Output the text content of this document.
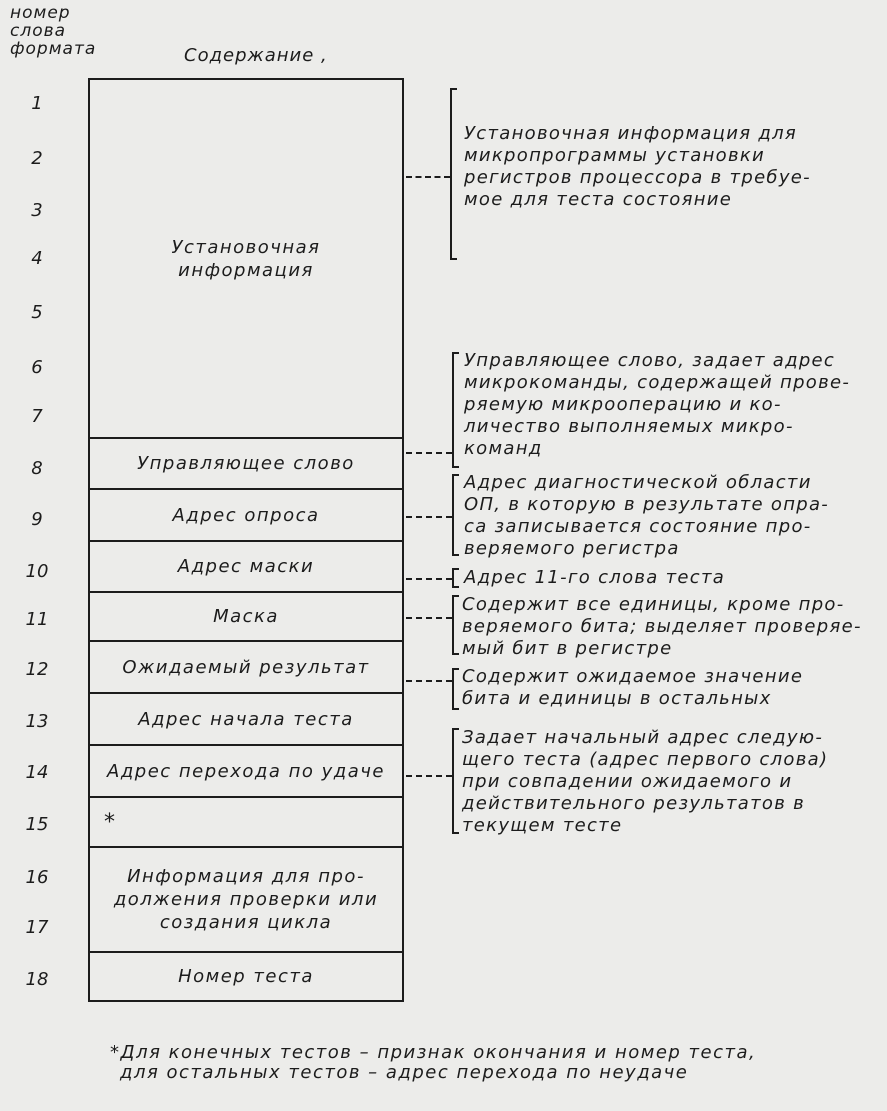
номер
слова
формата	Содержание ,
1
2
3
4
5
6
7
8
9
10
11
12
13
14
15
16
17
18
Установочная
информация
Управляющее слово
Адрес опроса
Адрес маски
Маска
Ожидаемый результат
Адрес начала теста
Адрес перехода по удаче
*
Информация для про-
должения проверки или
создания цикла
Номер теста
Установочная информация для
микропрограммы установки
регистров процессора в требуе-
мое для теста состояние
Управляющее слово, задает адрес
микрокоманды, содержащей прове-
ряемую микрооперацию и ко-
личество выполняемых микро-
команд
Адрес диагностической области
ОП, в которую в результате опра-
са записывается состояние про-
веряемого регистра
Адрес 11-го слова теста
Содержит все единицы, кроме про-
веряемого бита; выделяет проверяе-
мый бит в регистре
Содержит ожидаемое значение
бита и единицы в остальных
Задает начальный адрес следую-
щего теста (адрес первого слова)
при совпадении ожидаемого и
действительного результатов в
текущем тесте
*Для конечных тестов – признак окончания и номер теста,
для остальных тестов – адрес перехода по неудаче
